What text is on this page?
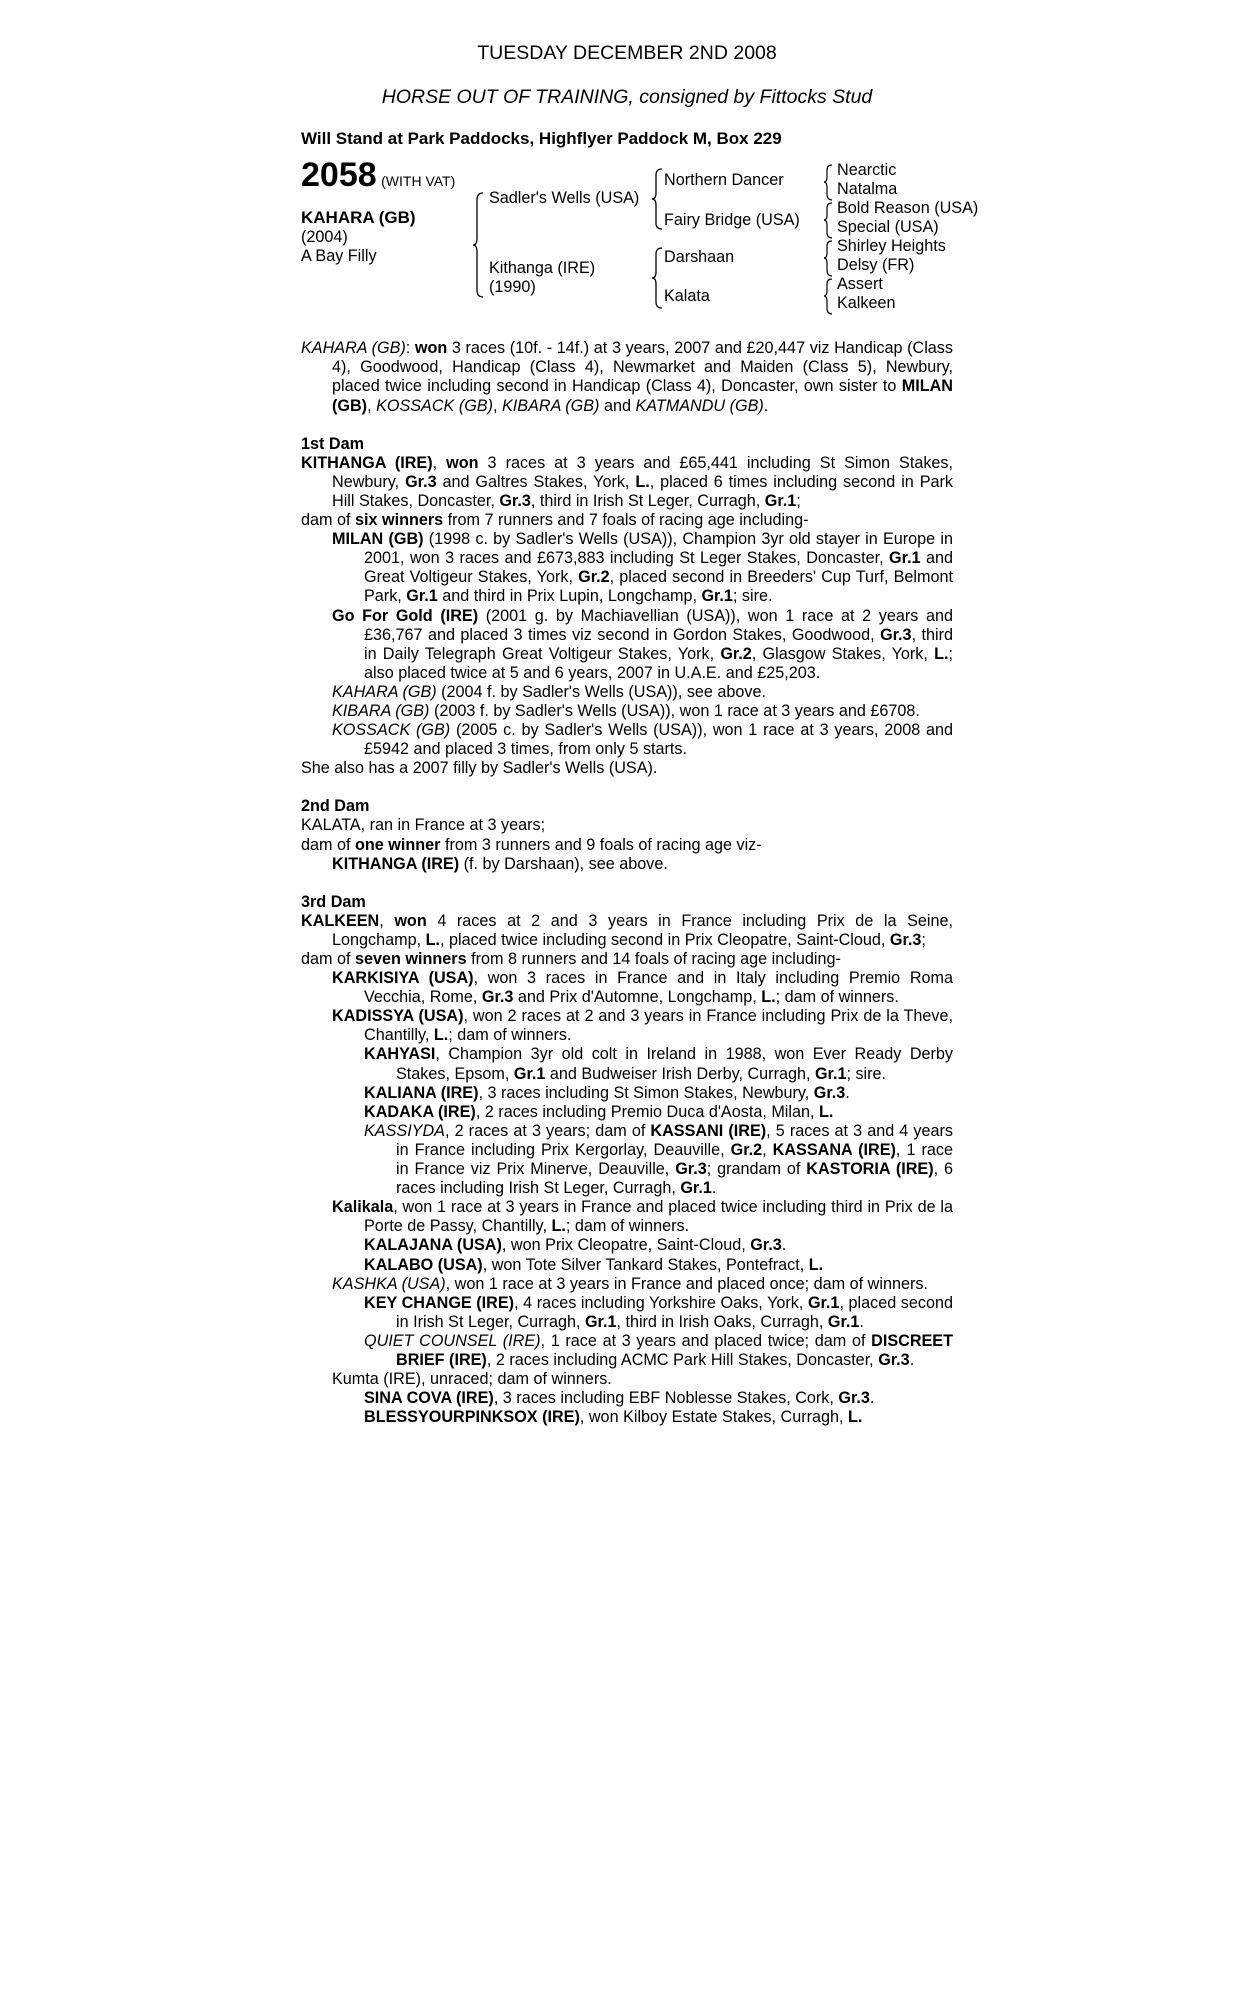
TUESDAY DECEMBER 2ND 2008
HORSE OUT OF TRAINING, consigned by Fittocks Stud
Will Stand at Park Paddocks, Highflyer Paddock M, Box 229
2058 (WITH VAT)
KAHARA (GB)
(2004)
A Bay Filly
Sadler's Wells (USA)
Kithanga (IRE)
(1990)
Northern Dancer
Fairy Bridge (USA)
Darshaan
Kalata
Nearctic
Natalma
Bold Reason (USA)
Special (USA)
Shirley Heights
Delsy (FR)
Assert
Kalkeen
KAHARA (GB): won 3 races (10f. - 14f.) at 3 years, 2007 and £20,447 viz Handicap (Class 4), Goodwood, Handicap (Class 4), Newmarket and Maiden (Class 5), Newbury, placed twice including second in Handicap (Class 4), Doncaster, own sister to MILAN (GB), KOSSACK (GB), KIBARA (GB) and KATMANDU (GB).
1st Dam
KITHANGA (IRE), won 3 races at 3 years and £65,441 including St Simon Stakes, Newbury, Gr.3 and Galtres Stakes, York, L., placed 6 times including second in Park Hill Stakes, Doncaster, Gr.3, third in Irish St Leger, Curragh, Gr.1;
dam of six winners from 7 runners and 7 foals of racing age including-
MILAN (GB) (1998 c. by Sadler's Wells (USA)), Champion 3yr old stayer in Europe in 2001, won 3 races and £673,883 including St Leger Stakes, Doncaster, Gr.1 and Great Voltigeur Stakes, York, Gr.2, placed second in Breeders' Cup Turf, Belmont Park, Gr.1 and third in Prix Lupin, Longchamp, Gr.1; sire.
Go For Gold (IRE) (2001 g. by Machiavellian (USA)), won 1 race at 2 years and £36,767 and placed 3 times viz second in Gordon Stakes, Goodwood, Gr.3, third in Daily Telegraph Great Voltigeur Stakes, York, Gr.2, Glasgow Stakes, York, L.; also placed twice at 5 and 6 years, 2007 in U.A.E. and £25,203.
KAHARA (GB) (2004 f. by Sadler's Wells (USA)), see above.
KIBARA (GB) (2003 f. by Sadler's Wells (USA)), won 1 race at 3 years and £6708.
KOSSACK (GB) (2005 c. by Sadler's Wells (USA)), won 1 race at 3 years, 2008 and £5942 and placed 3 times, from only 5 starts.
She also has a 2007 filly by Sadler's Wells (USA).
2nd Dam
KALATA, ran in France at 3 years;
dam of one winner from 3 runners and 9 foals of racing age viz-
KITHANGA (IRE) (f. by Darshaan), see above.
3rd Dam
KALKEEN, won 4 races at 2 and 3 years in France including Prix de la Seine, Longchamp, L., placed twice including second in Prix Cleopatre, Saint-Cloud, Gr.3;
dam of seven winners from 8 runners and 14 foals of racing age including-
KARKISIYA (USA), won 3 races in France and in Italy including Premio Roma Vecchia, Rome, Gr.3 and Prix d'Automne, Longchamp, L.; dam of winners.
KADISSYA (USA), won 2 races at 2 and 3 years in France including Prix de la Theve, Chantilly, L.; dam of winners.
KAHYASI, Champion 3yr old colt in Ireland in 1988, won Ever Ready Derby Stakes, Epsom, Gr.1 and Budweiser Irish Derby, Curragh, Gr.1; sire.
KALIANA (IRE), 3 races including St Simon Stakes, Newbury, Gr.3.
KADAKA (IRE), 2 races including Premio Duca d'Aosta, Milan, L.
KASSIYDA, 2 races at 3 years; dam of KASSANI (IRE), 5 races at 3 and 4 years in France including Prix Kergorlay, Deauville, Gr.2, KASSANA (IRE), 1 race in France viz Prix Minerve, Deauville, Gr.3; grandam of KASTORIA (IRE), 6 races including Irish St Leger, Curragh, Gr.1.
Kalikala, won 1 race at 3 years in France and placed twice including third in Prix de la Porte de Passy, Chantilly, L.; dam of winners.
KALAJANA (USA), won Prix Cleopatre, Saint-Cloud, Gr.3.
KALABO (USA), won Tote Silver Tankard Stakes, Pontefract, L.
KASHKA (USA), won 1 race at 3 years in France and placed once; dam of winners.
KEY CHANGE (IRE), 4 races including Yorkshire Oaks, York, Gr.1, placed second in Irish St Leger, Curragh, Gr.1, third in Irish Oaks, Curragh, Gr.1.
QUIET COUNSEL (IRE), 1 race at 3 years and placed twice; dam of DISCREET BRIEF (IRE), 2 races including ACMC Park Hill Stakes, Doncaster, Gr.3.
Kumta (IRE), unraced; dam of winners.
SINA COVA (IRE), 3 races including EBF Noblesse Stakes, Cork, Gr.3.
BLESSYOURPINKSOX (IRE), won Kilboy Estate Stakes, Curragh, L.
